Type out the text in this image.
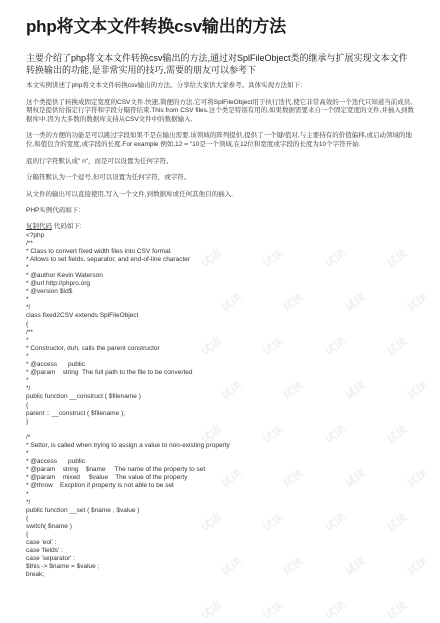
试读	试读	试读	试读
试读	试读	试读	试读
试读	试读	试读	试读
试读	试读	试读	试读
试读	试读	试读	试读
试读	试读	试读	试读
试读	试读	试读	试读
试读	试读	试读	试读
试读	试读	试读	试读
php将文本文件转换csv输出的方法

主要介绍了php将文本文件转换csv输出的方法,通过对SplFileObject类的继承与扩展实现文本文件转换输出的功能,是非常实用的技巧,需要的朋友可以参考下

本文实例讲述了php将文本文件转换csv输出的方法。分享给大家供大家参考。具体实现方法如下：

这个类提供了转换成固定宽度的CSV文件.快速,简便的方法,它可将SplFileObject用于执行迭代,使它非常高效的一个迭代只知道当前成员,期权是提供给指定行字符和字段分隔符结束.This from CSV files.这个类是特别有用的,如果数据需要来自一个固定宽度的文件,并插入到数据库中.因为大多数的数据库支持从CSV文件中的数据输入.

这一类的方便的功能是可以跳过字段如果不是在输出需要.该领域的阵列提供,提供了一个键/值对,与主要持有的价值偏移,或启动领域的地位,和值包含的宽度,或字段的长度.For example 例如,12 = "10是一个领域,在12位和宽度或字段的长度为10个字符开始.

底的行字符默认成" n"，而是可以设置为任何字符。

分隔符默认为一个逗号,但可以设置为任何字符，或字符。

从文件的输出可以直接使用,写入一个文件,到数据库或任何其他目的插入.

PHP实例代码如下:

复制代码 代码如下:
<?php
/**
* Class to convert fixed width files into CSV format
* Allows to set fields, separator, and end-of-line character
*
* @author Kevin Waterson
* @url http://phpro.org
* @version $Id$
*
*/
class fixed2CSV extends SplFileObject
{
/**
*
* Constructor, duh, calls the parent constructor
*
* @access      public
* @param    string  The full path to the file to be converted
*
*/
public function __construct ( $filename )
{
parent :: __construct ( $filename );
}
/*
* Settor, is called when trying to assign a value to non-existing property
*
* @access      public
* @param    string    $name     The name of the property to set
* @param    mixed     $value    The value of the property
* @throw    Excption if property is not able to be set
*
*/
public function __set ( $name , $value )
{
switch( $name )
{
case 'eol' :
case 'fields' :
case 'separator' :
$this -> $name = $value ;
break;
